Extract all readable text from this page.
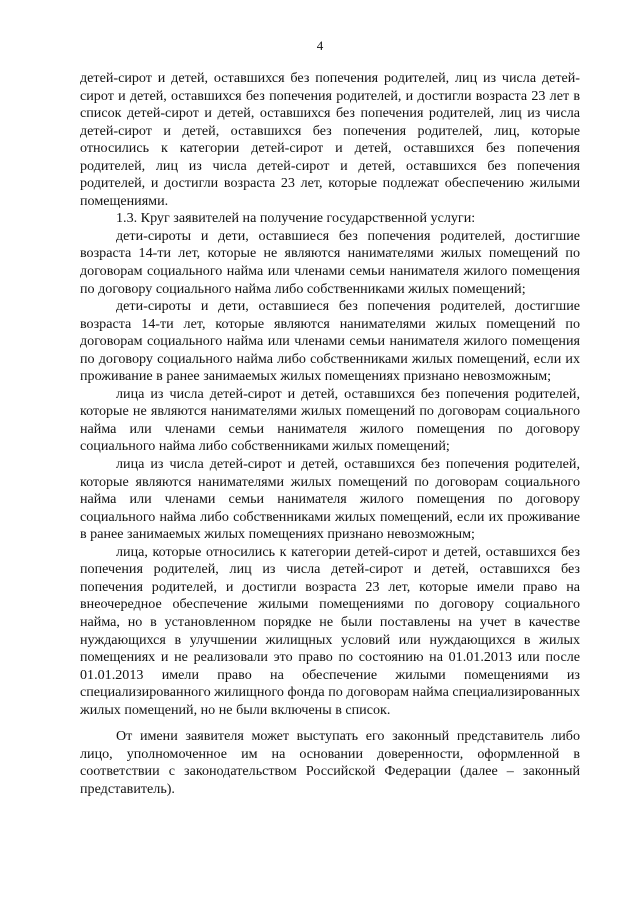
4

детей-сирот и детей, оставшихся без попечения родителей, лиц из числа детей-сирот и детей, оставшихся без попечения родителей, и достигли возраста 23 лет в список детей-сирот и детей, оставшихся без попечения родителей, лиц из числа детей-сирот и детей, оставшихся без попечения родителей, лиц, которые относились к категории детей-сирот и детей, оставшихся без попечения родителей, лиц из числа детей-сирот и детей, оставшихся без попечения родителей, и достигли возраста 23 лет, которые подлежат обеспечению жилыми помещениями.

1.3. Круг заявителей на получение государственной услуги:

дети-сироты и дети, оставшиеся без попечения родителей, достигшие возраста 14-ти лет, которые не являются нанимателями жилых помещений по договорам социального найма или членами семьи нанимателя жилого помещения по договору социального найма либо собственниками жилых помещений;

дети-сироты и дети, оставшиеся без попечения родителей, достигшие возраста 14-ти лет, которые являются нанимателями жилых помещений по договорам социального найма или членами семьи нанимателя жилого помещения по договору социального найма либо собственниками жилых помещений, если их проживание в ранее занимаемых жилых помещениях признано невозможным;

лица из числа детей-сирот и детей, оставшихся без попечения родителей, которые не являются нанимателями жилых помещений по договорам социального найма или членами семьи нанимателя жилого помещения по договору социального найма либо собственниками жилых помещений;

лица из числа детей-сирот и детей, оставшихся без попечения родителей, которые являются нанимателями жилых помещений по договорам социального найма или членами семьи нанимателя жилого помещения по договору социального найма либо собственниками жилых помещений, если их проживание в ранее занимаемых жилых помещениях признано невозможным;

лица, которые относились к категории детей-сирот и детей, оставшихся без попечения родителей, лиц из числа детей-сирот и детей, оставшихся без попечения родителей, и достигли возраста 23 лет, которые имели право на внеочередное обеспечение жилыми помещениями по договору социального найма, но в установленном порядке не были поставлены на учет в качестве нуждающихся в улучшении жилищных условий или нуждающихся в жилых помещениях и не реализовали это право по состоянию на 01.01.2013 или после 01.01.2013 имели право на обеспечение жилыми помещениями из специализированного жилищного фонда по договорам найма специализированных жилых помещений, но не были включены в список.

От имени заявителя может выступать его законный представитель либо лицо, уполномоченное им на основании доверенности, оформленной в соответствии с законодательством Российской Федерации (далее – законный представитель).
